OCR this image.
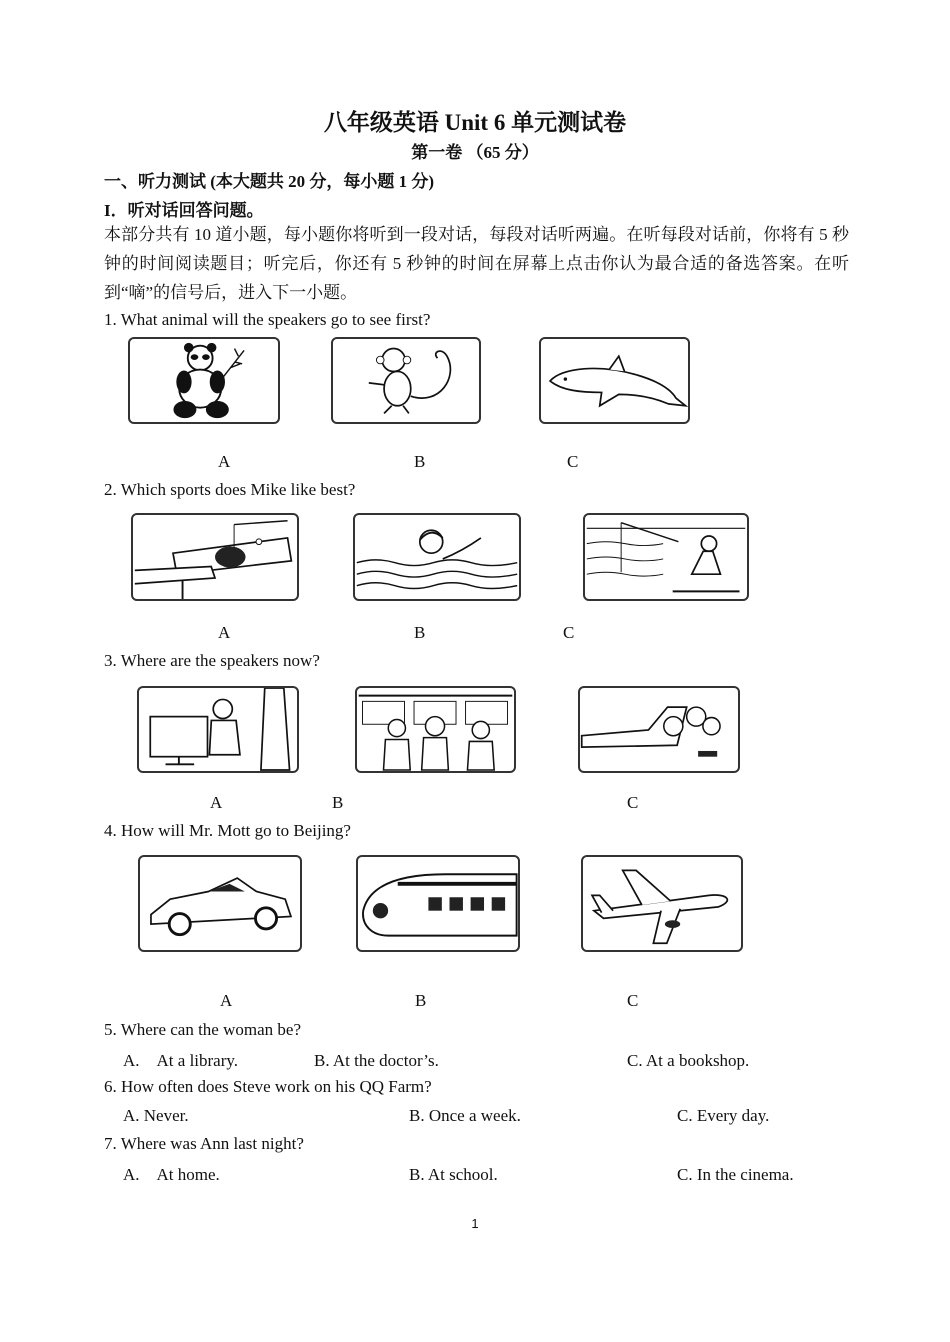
八年级英语 Unit 6 单元测试卷
第一卷 （65 分）
一、听力测试 (本大题共 20 分，每小题 1 分)
I．听对话回答问题。
本部分共有 10 道小题，每小题你将听到一段对话，每段对话听两遍。在听每段对话前，你将有 5 秒钟的时间阅读题目；听完后，你还有 5 秒钟的时间在屏幕上点击你认为最合适的备选答案。在听到“嘀”的信号后，进入下一小题。
1. What animal will the speakers go to see first?
A	B	C
2. Which sports does Mike like best?
A	B	C
3. Where are the speakers now?
A	B	C
4. How will Mr. Mott go to Beijing?
A	B	C
5. Where can the woman be?
A. At a library.	B. At the doctor’s.	C. At a bookshop.
6. How often does Steve work on his QQ Farm?
A. Never.	B. Once a week.	C. Every day.
7. Where was Ann last night?
A. At home.	B. At school.	C. In the cinema.
1
